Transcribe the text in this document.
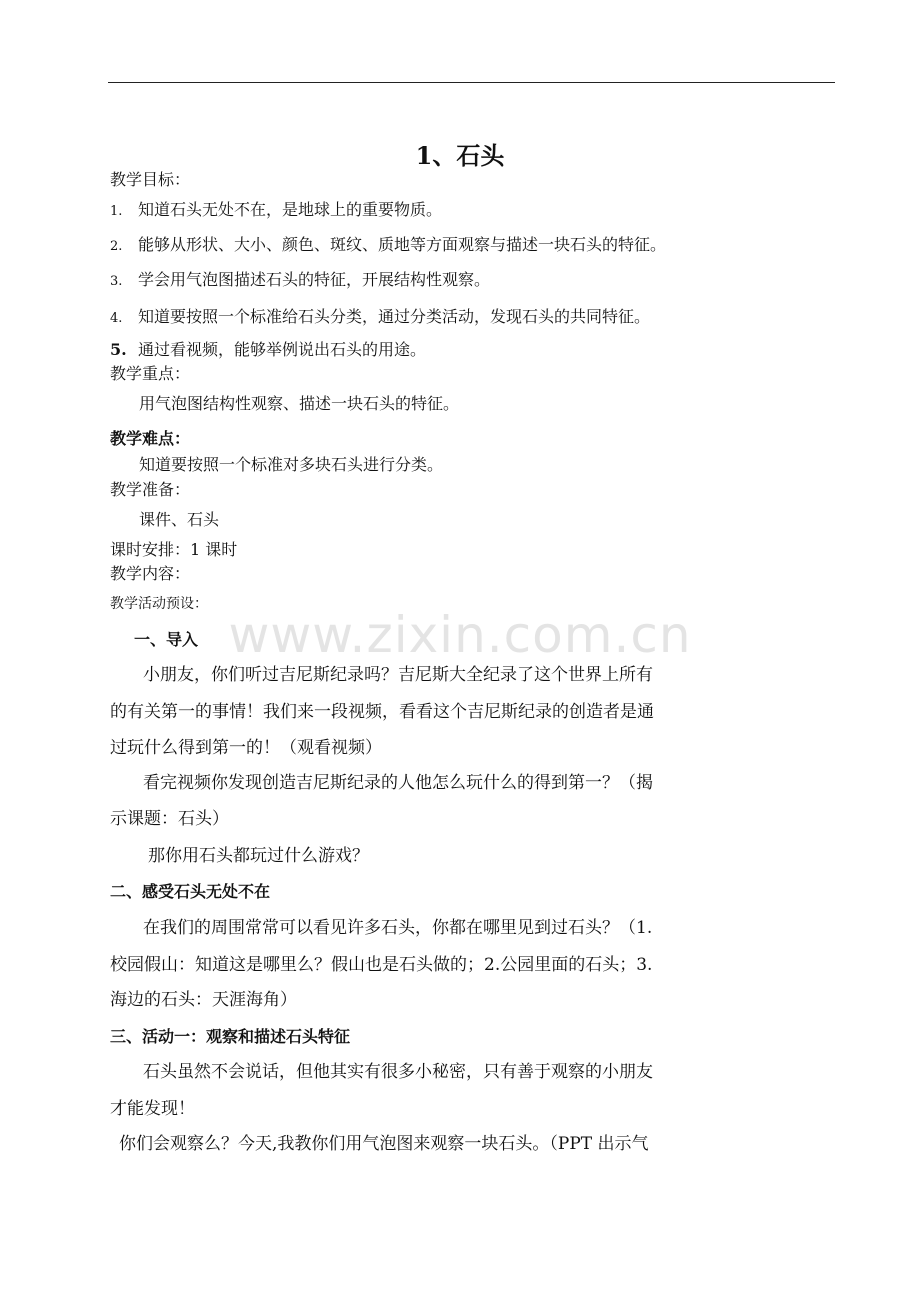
1、石头
教学目标：
1. 知道石头无处不在，是地球上的重要物质。
2. 能够从形状、大小、颜色、斑纹、质地等方面观察与描述一块石头的特征。
3. 学会用气泡图描述石头的特征，开展结构性观察。
4. 知道要按照一个标准给石头分类，通过分类活动，发现石头的共同特征。
5. 通过看视频，能够举例说出石头的用途。
教学重点：
用气泡图结构性观察、描述一块石头的特征。
教学难点：
知道要按照一个标准对多块石头进行分类。
教学准备：
课件、石头
课时安排：1 课时
教学内容：
教学活动预设：
www.zixin.com.cn
一、导入
小朋友，你们听过吉尼斯纪录吗？吉尼斯大全纪录了这个世界上所有
的有关第一的事情！我们来一段视频，看看这个吉尼斯纪录的创造者是通
过玩什么得到第一的！（观看视频）
看完视频你发现创造吉尼斯纪录的人他怎么玩什么的得到第一？（揭
示课题：石头）
那你用石头都玩过什么游戏？
二、感受石头无处不在
在我们的周围常常可以看见许多石头，你都在哪里见到过石头？（1.
校园假山：知道这是哪里么？假山也是石头做的；2.公园里面的石头；3.
海边的石头：天涯海角）
三、活动一：观察和描述石头特征
石头虽然不会说话，但他其实有很多小秘密，只有善于观察的小朋友
才能发现！
你们会观察么？今天,我教你们用气泡图来观察一块石头。（PPT 出示气
